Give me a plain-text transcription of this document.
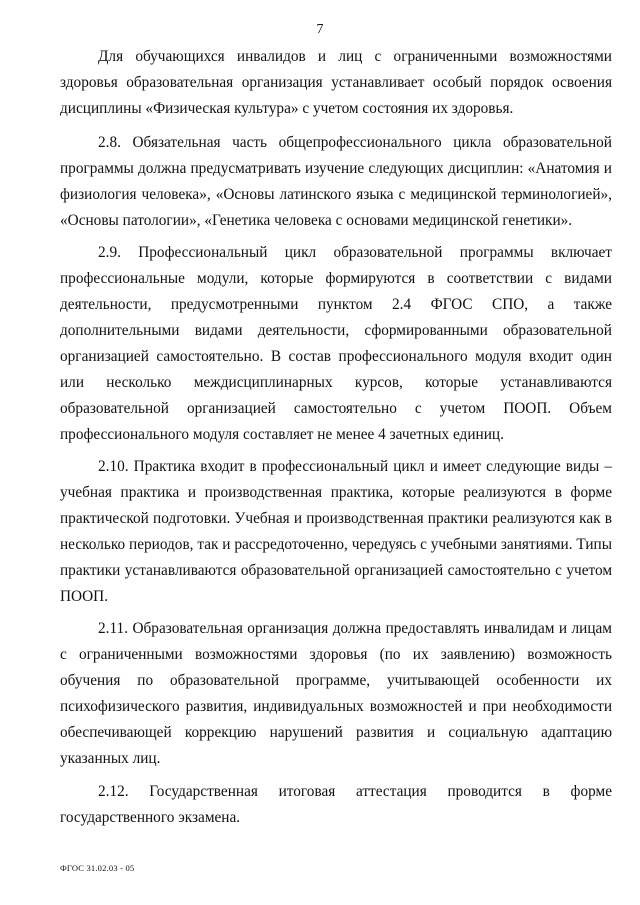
7

Для обучающихся инвалидов и лиц с ограниченными возможностями здоровья образовательная организация устанавливает особый порядок освоения дисциплины «Физическая культура» с учетом состояния их здоровья.

2.8. Обязательная часть общепрофессионального цикла образовательной программы должна предусматривать изучение следующих дисциплин: «Анатомия и физиология человека», «Основы латинского языка с медицинской терминологией», «Основы патологии», «Генетика человека с основами медицинской генетики».

2.9. Профессиональный цикл образовательной программы включает профессиональные модули, которые формируются в соответствии с видами деятельности, предусмотренными пунктом 2.4 ФГОС СПО, а также дополнительными видами деятельности, сформированными образовательной организацией самостоятельно. В состав профессионального модуля входит один или несколько междисциплинарных курсов, которые устанавливаются образовательной организацией самостоятельно с учетом ПООП. Объем профессионального модуля составляет не менее 4 зачетных единиц.

2.10. Практика входит в профессиональный цикл и имеет следующие виды – учебная практика и производственная практика, которые реализуются в форме практической подготовки. Учебная и производственная практики реализуются как в несколько периодов, так и рассредоточенно, чередуясь с учебными занятиями. Типы практики устанавливаются образовательной организацией самостоятельно с учетом ПООП.

2.11. Образовательная организация должна предоставлять инвалидам и лицам с ограниченными возможностями здоровья (по их заявлению) возможность обучения по образовательной программе, учитывающей особенности их психофизического развития, индивидуальных возможностей и при необходимости обеспечивающей коррекцию нарушений развития и социальную адаптацию указанных лиц.

2.12. Государственная итоговая аттестация проводится в форме государственного экзамена.

ФГОС 31.02.03 - 05
